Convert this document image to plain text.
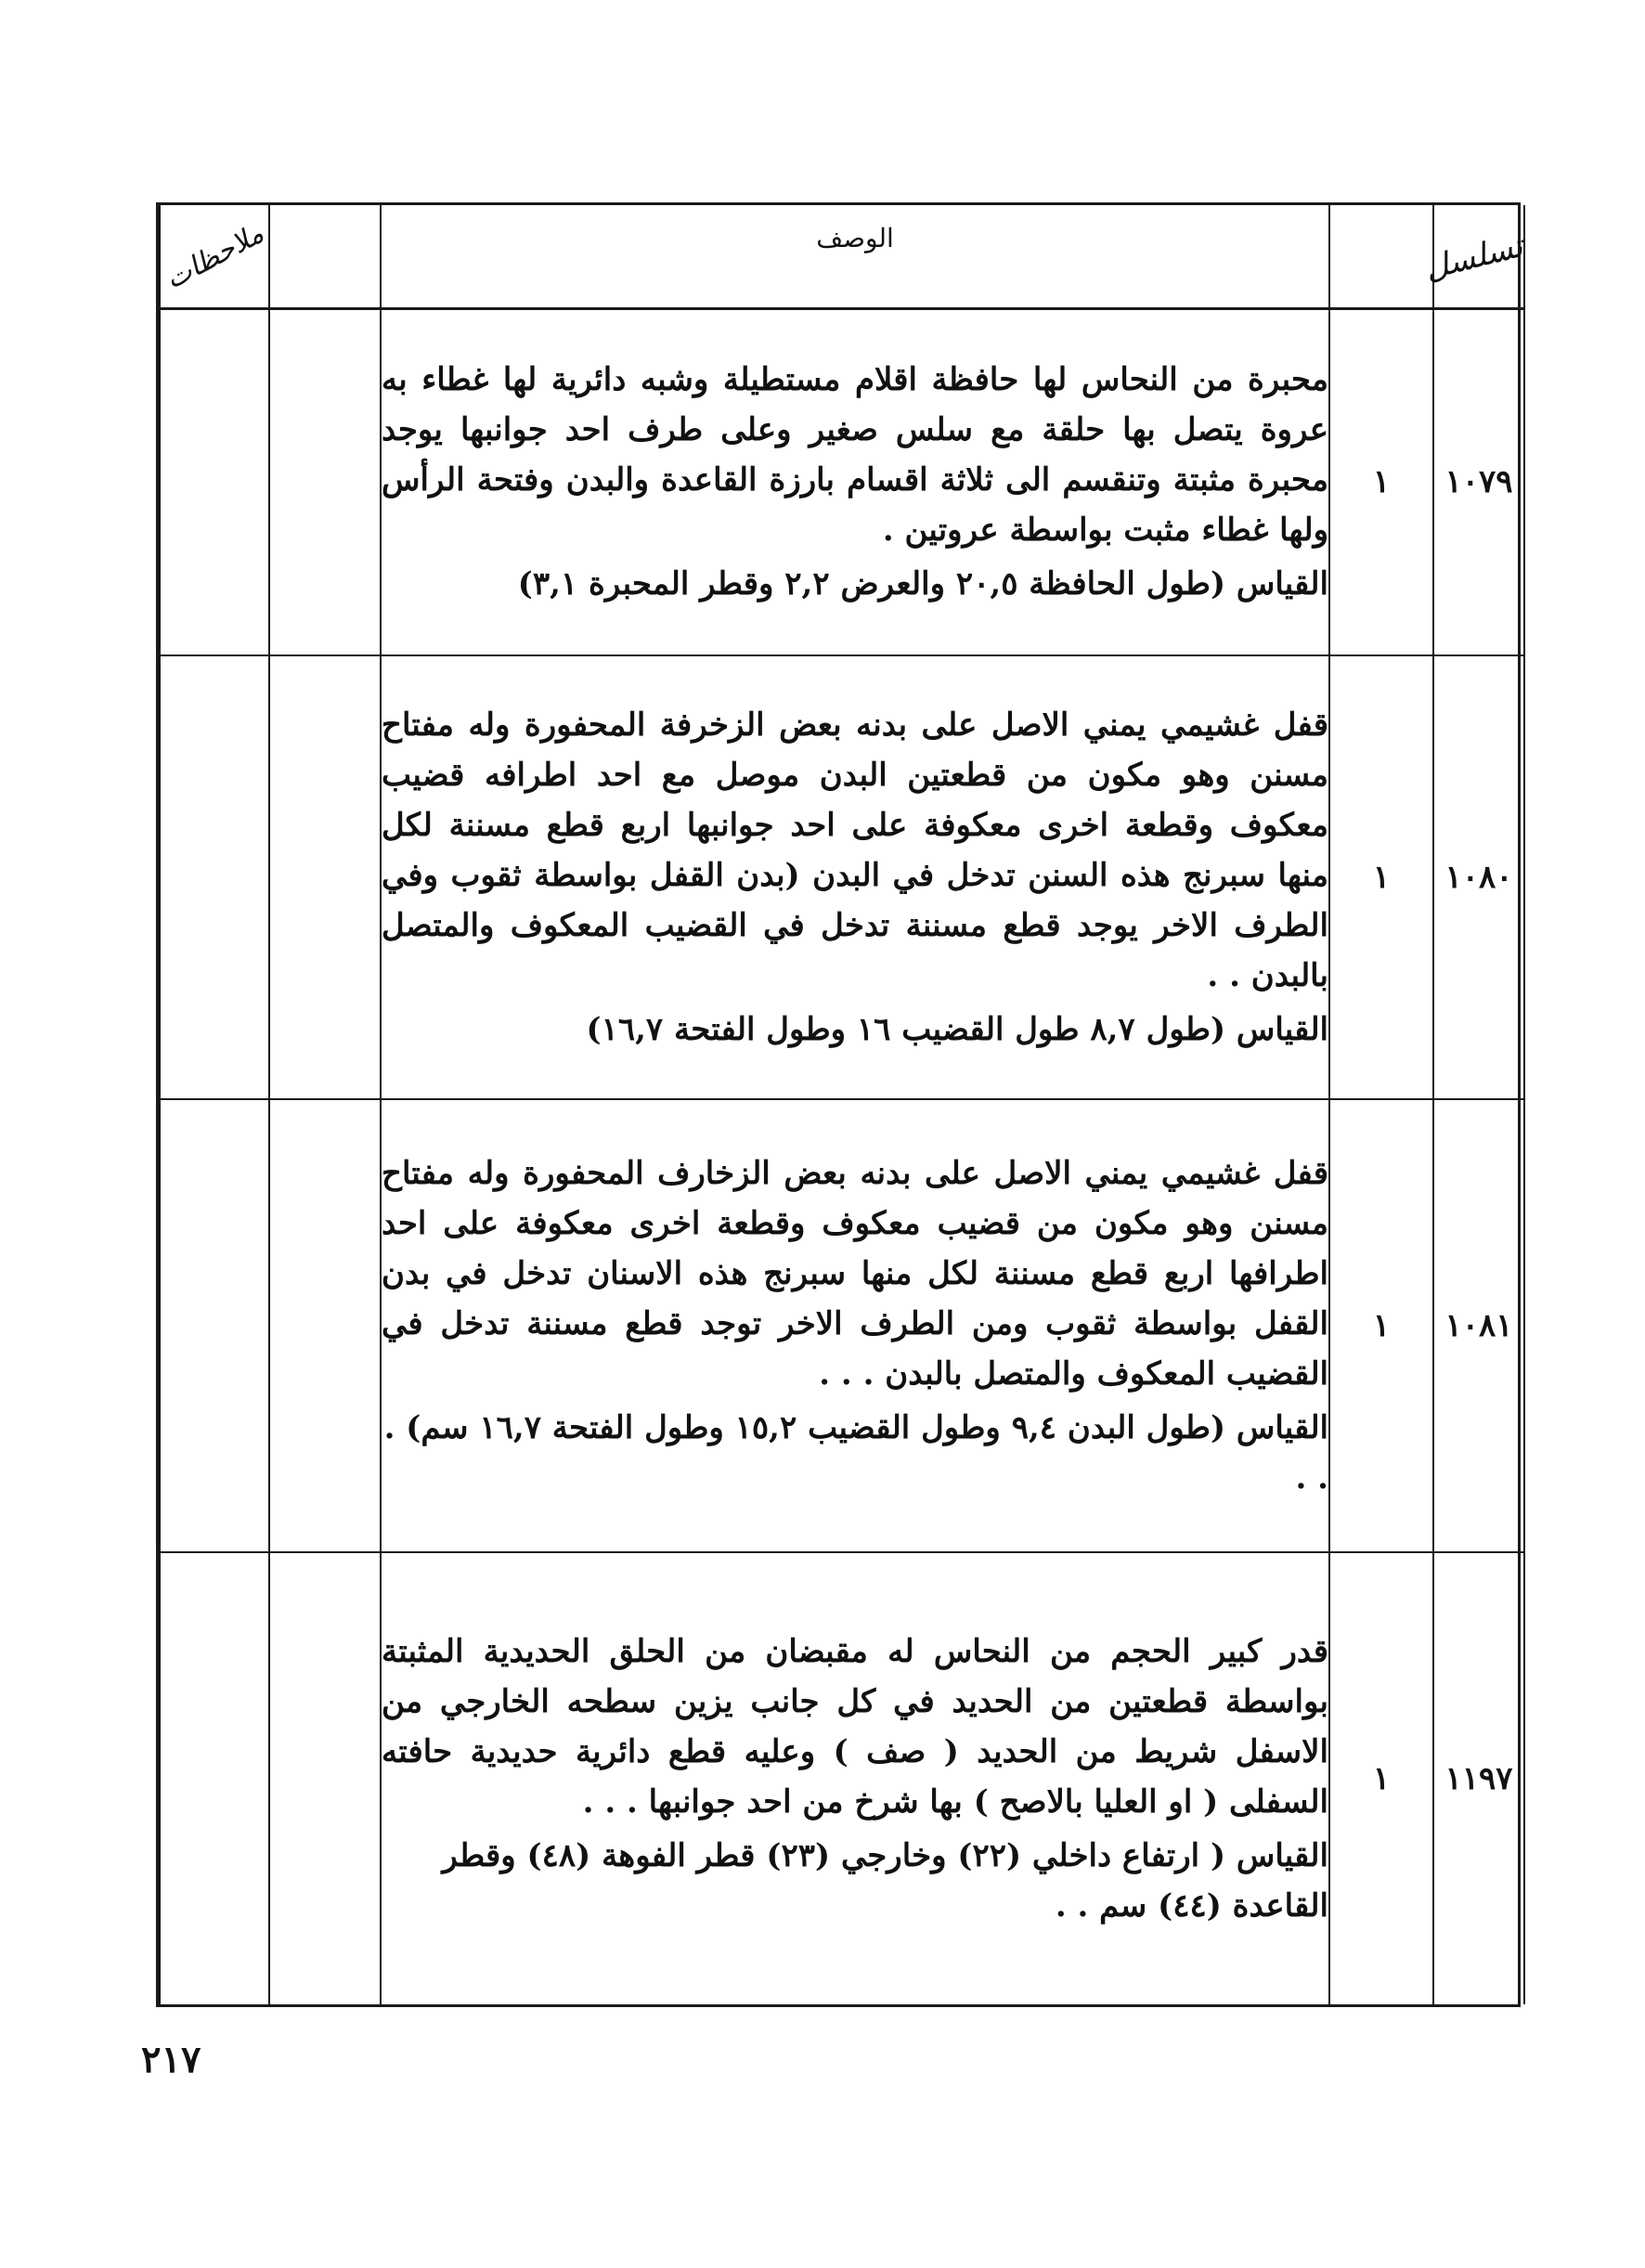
تسلسل		الوصف		ملاحظات

١٠٧٩	١	محبرة من النحاس لها حافظة اقلام مستطيلة وشبه دائرية لها غطاء به عروة يتصل بها حلقة مع سلس صغير وعلى طرف احد جوانبها يوجد محبرة مثبتة وتنقسم الى ثلاثة اقسام بارزة القاعدة والبدن وفتحة الرأس ولها غطاء مثبت بواسطة عروتين .
القياس (طول الحافظة ٢٠,٥ والعرض ٢,٢ وقطر المحبرة ٣,١)		

١٠٨٠	١	قفل غشيمي يمني الاصل على بدنه بعض الزخرفة المحفورة وله مفتاح مسنن وهو مكون من قطعتين البدن موصل مع احد اطرافه قضيب معكوف وقطعة اخرى معكوفة على احد جوانبها اربع قطع مسننة لكل منها سبرنج هذه السنن تدخل في البدن (بدن القفل بواسطة ثقوب وفي الطرف الاخر يوجد قطع مسننة تدخل في القضيب المعكوف والمتصل بالبدن . .
القياس (طول ٨,٧ طول القضيب ١٦ وطول الفتحة ١٦,٧)		

١٠٨١	١	قفل غشيمي يمني الاصل على بدنه بعض الزخارف المحفورة وله مفتاح مسنن وهو مكون من قضيب معكوف وقطعة اخرى معكوفة على احد اطرافها اربع قطع مسننة لكل منها سبرنج هذه الاسنان تدخل في بدن القفل بواسطة ثقوب ومن الطرف الاخر توجد قطع مسننة تدخل في القضيب المعكوف والمتصل بالبدن . . .
القياس (طول البدن ٩,٤ وطول القضيب ١٥,٢ وطول الفتحة ١٦,٧ سم) . . .		

١١٩٧	١	قدر كبير الحجم من النحاس له مقبضان من الحلق الحديدية المثبتة بواسطة قطعتين من الحديد في كل جانب يزين سطحه الخارجي من الاسفل شريط من الحديد ( صف ) وعليه قطع دائرية حديدية حافته السفلى ( او العليا بالاصح ) بها شرخ من احد جوانبها . . .
القياس ( ارتفاع داخلي (٢٢) وخارجي (٢٣) قطر الفوهة (٤٨) وقطر القاعدة (٤٤) سم . .		

٢١٧
